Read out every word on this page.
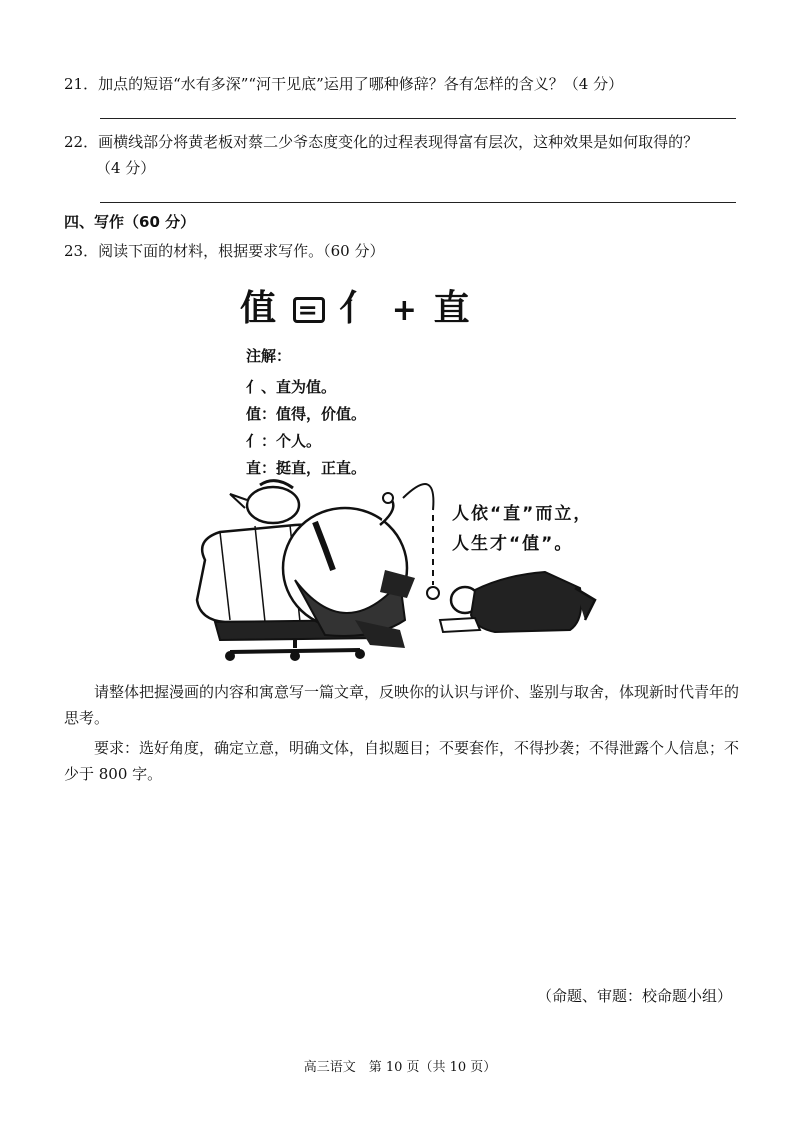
21．加点的短语“水有多深”“河干见底”运用了哪种修辞？各有怎样的含义？（4 分）
22．画横线部分将黄老板对蔡二少爷态度变化的过程表现得富有层次，这种效果是如何取得的？
（4 分）
四、写作（60 分）
23．阅读下面的材料，根据要求写作。（60 分）
值 = 亻 + 直
注解：
亻、直为值。
值：值得，价值。
亻：个人。
直：挺直，正直。
人依“直”而立，
人生才“值”。
请整体把握漫画的内容和寓意写一篇文章，反映你的认识与评价、鉴别与取舍，体现新时代青年的思考。
要求：选好角度，确定立意，明确文体，自拟题目；不要套作，不得抄袭；不得泄露个人信息；不少于 800 字。
（命题、审题：校命题小组）
高三语文　第 10 页（共 10 页）
